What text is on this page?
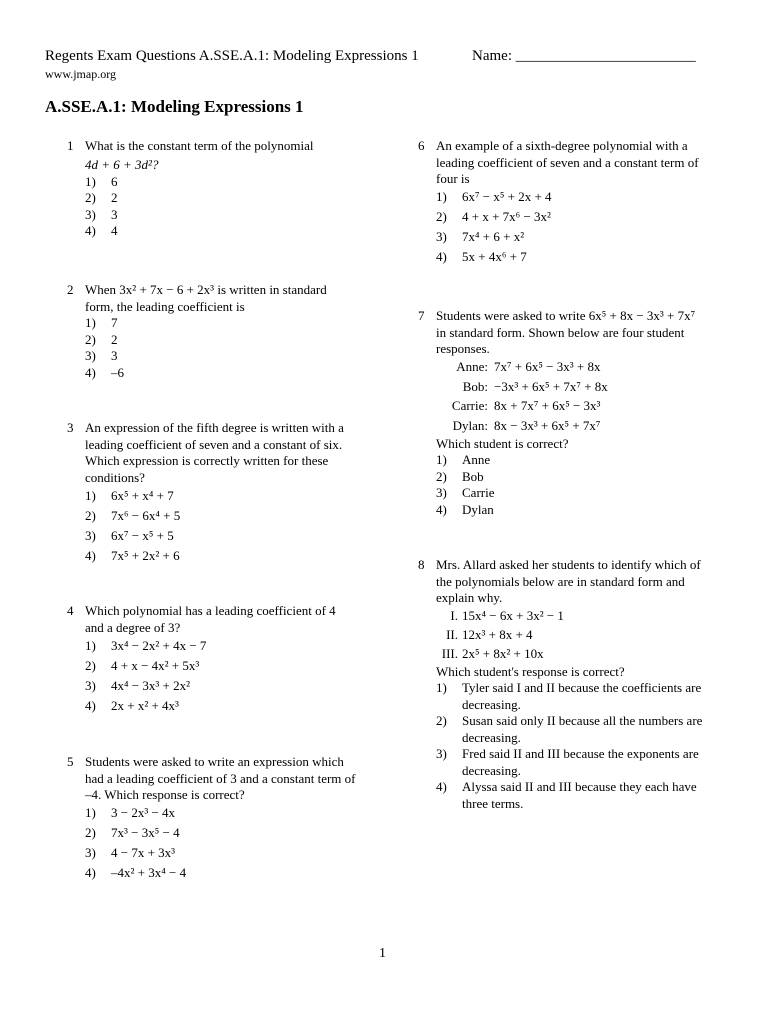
Regents Exam Questions A.SSE.A.1: Modeling Expressions 1
www.jmap.org
Name: ________________________
A.SSE.A.1: Modeling Expressions 1
1 What is the constant term of the polynomial
4d + 6 + 3d²?
1)	6
2)	2
3)	3
4)	4
2 When 3x² + 7x − 6 + 2x³ is written in standard
form, the leading coefficient is
1)	7
2)	2
3)	3
4)	–6
3 An expression of the fifth degree is written with a
leading coefficient of seven and a constant of six.
Which expression is correctly written for these
conditions?
1)	6x⁵ + x⁴ + 7
2)	7x⁶ − 6x⁴ + 5
3)	6x⁷ − x⁵ + 5
4)	7x⁵ + 2x² + 6
4 Which polynomial has a leading coefficient of 4
and a degree of 3?
1)	3x⁴ − 2x² + 4x − 7
2)	4 + x − 4x² + 5x³
3)	4x⁴ − 3x³ + 2x²
4)	2x + x² + 4x³
5 Students were asked to write an expression which
had a leading coefficient of 3 and a constant term of
–4. Which response is correct?
1)	3 − 2x³ − 4x
2)	7x³ − 3x⁵ − 4
3)	4 − 7x + 3x³
4)	–4x² + 3x⁴ − 4
6 An example of a sixth-degree polynomial with a
leading coefficient of seven and a constant term of
four is
1)	6x⁷ − x⁵ + 2x + 4
2)	4 + x + 7x⁶ − 3x²
3)	7x⁴ + 6 + x²
4)	5x + 4x⁶ + 7
7 Students were asked to write 6x⁵ + 8x − 3x³ + 7x⁷
in standard form. Shown below are four student
responses.
Anne: 7x⁷ + 6x⁵ − 3x³ + 8x
Bob: −3x³ + 6x⁵ + 7x⁷ + 8x
Carrie: 8x + 7x⁷ + 6x⁵ − 3x³
Dylan: 8x − 3x³ + 6x⁵ + 7x⁷
Which student is correct?
1)	Anne
2)	Bob
3)	Carrie
4)	Dylan
8 Mrs. Allard asked her students to identify which of
the polynomials below are in standard form and
explain why.
I. 15x⁴ − 6x + 3x² − 1
II. 12x³ + 8x + 4
III. 2x⁵ + 8x² + 10x
Which student's response is correct?
1)	Tyler said I and II because the coefficients are
decreasing.
2)	Susan said only II because all the numbers are
decreasing.
3)	Fred said II and III because the exponents are
decreasing.
4)	Alyssa said II and III because they each have
three terms.
1
